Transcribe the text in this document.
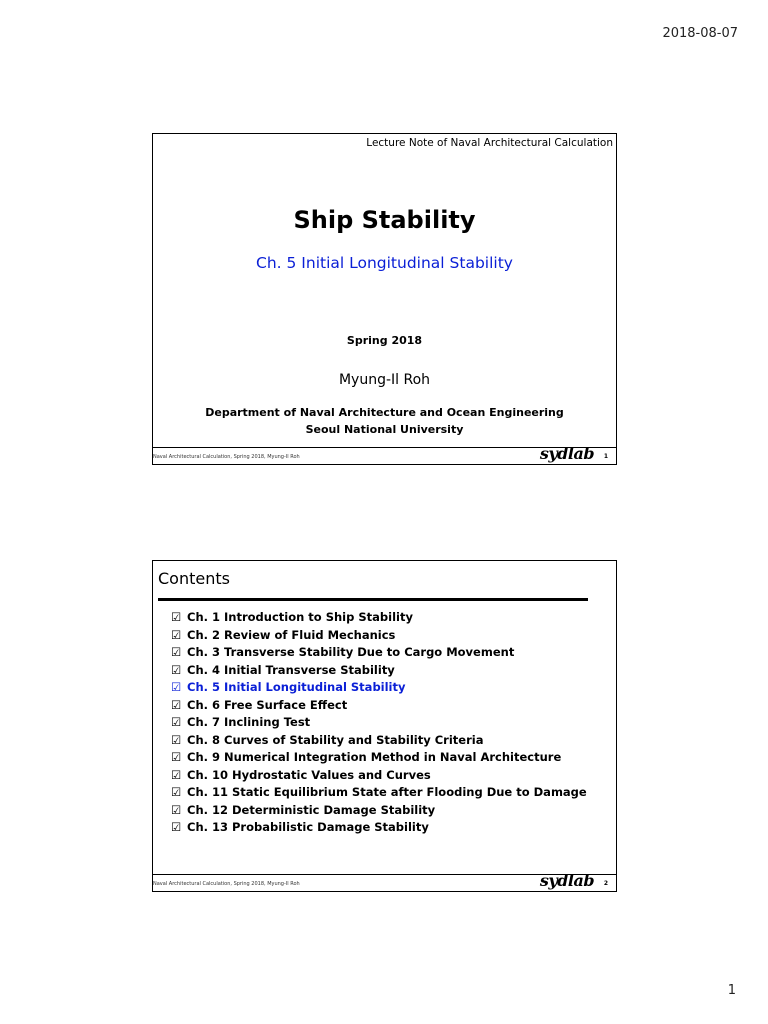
2018-08-07
Lecture Note of Naval Architectural Calculation
Ship Stability
Ch. 5 Initial Longitudinal Stability
Spring 2018
Myung-Il Roh
Department of Naval Architecture and Ocean Engineering
Seoul National University
Naval Architectural Calculation, Spring 2018, Myung-Il Roh	sydlab 1
Contents
☑ Ch. 1 Introduction to Ship Stability
☑ Ch. 2 Review of Fluid Mechanics
☑ Ch. 3 Transverse Stability Due to Cargo Movement
☑ Ch. 4 Initial Transverse Stability
☑ Ch. 5 Initial Longitudinal Stability
☑ Ch. 6 Free Surface Effect
☑ Ch. 7 Inclining Test
☑ Ch. 8 Curves of Stability and Stability Criteria
☑ Ch. 9 Numerical Integration Method in Naval Architecture
☑ Ch. 10 Hydrostatic Values and Curves
☑ Ch. 11 Static Equilibrium State after Flooding Due to Damage
☑ Ch. 12 Deterministic Damage Stability
☑ Ch. 13 Probabilistic Damage Stability
Naval Architectural Calculation, Spring 2018, Myung-Il Roh	sydlab 2
1
